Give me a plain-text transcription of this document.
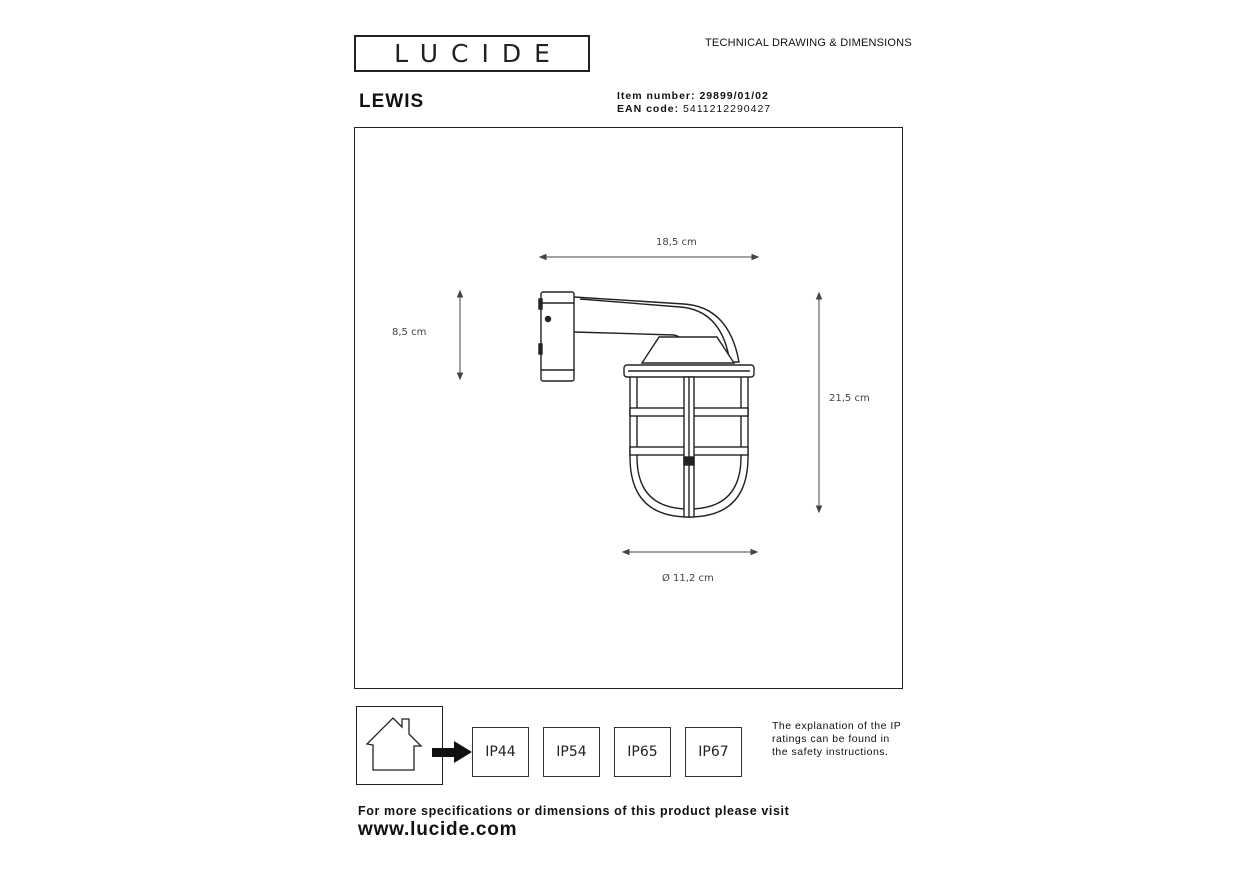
LUCIDE	TECHNICAL DRAWING & DIMENSIONS
LEWIS	Item number: 29899/01/02
EAN code: 5411212290427
18,5 cm
8,5 cm
21,5 cm
Ø 11,2 cm
IP44	IP54	IP65	IP67
The explanation of the IP ratings can be found in the safety instructions.
For more specifications or dimensions of this product please visit
www.lucide.com
